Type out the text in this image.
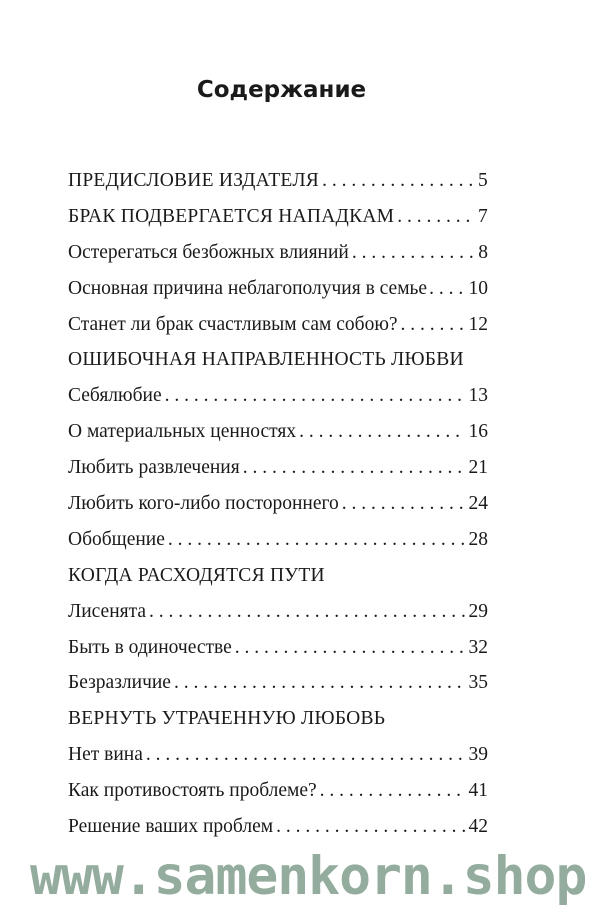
Содержание
ПРЕДИСЛОВИЕ ИЗДАТЕЛЯ . . .	5
БРАК ПОДВЕРГАЕТСЯ НАПАДКАМ . . .	7
Остерегаться безбожных влияний . . .	8
Основная причина неблагополучия в семье . . . 10
Станет ли брак счастливым сам собою? . . .	12
ОШИБОЧНАЯ НАПРАВЛЕННОСТЬ ЛЮБВИ
Себялюбие . . .	13
О материальных ценностях . . .	16
Любить развлечения . . .	21
Любить кого-либо постороннего . . .	24
Обобщение . . .	28
КОГДА РАСХОДЯТСЯ ПУТИ
Лисенята . . .	29
Быть в одиночестве . . .	32
Безразличие . . .	35
ВЕРНУТЬ УТРАЧЕННУЮ ЛЮБОВЬ
Нет вина . . .	39
Как противостоять проблеме? . . .	41
Решение ваших проблем . . .	42
www.samenkorn.shop
